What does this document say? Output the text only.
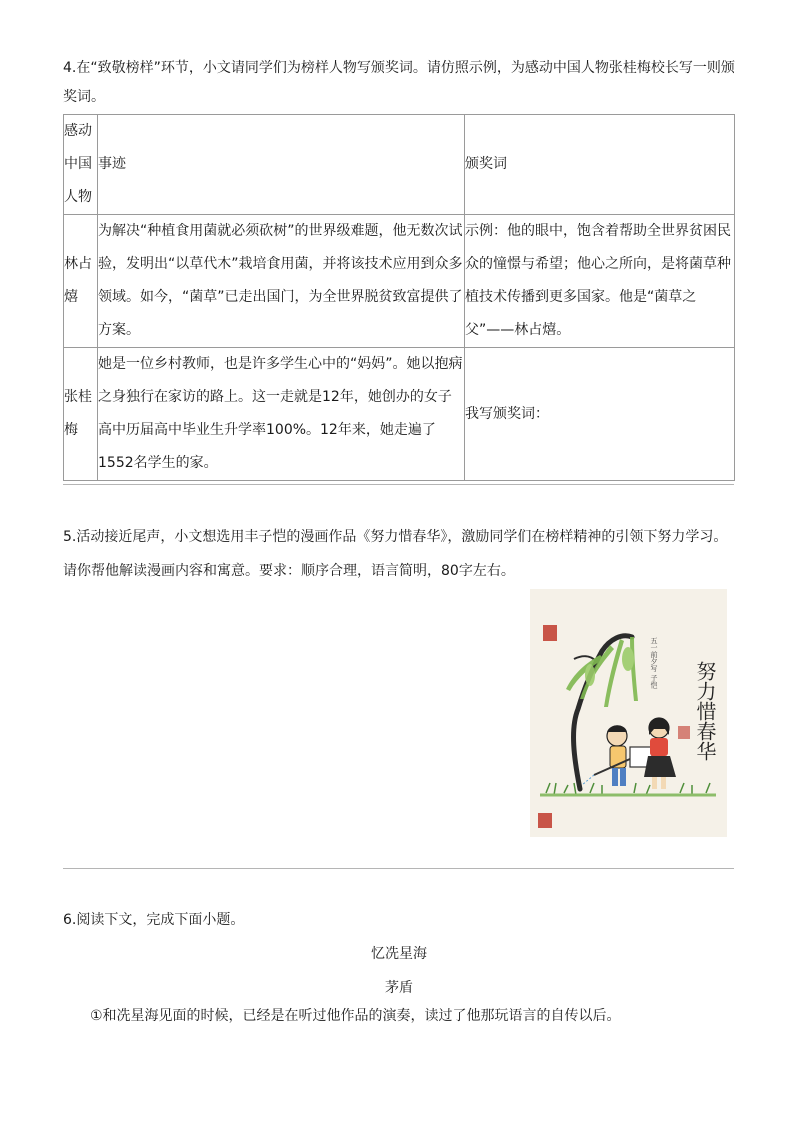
4.在“致敬榜样”环节，小文请同学们为榜样人物写颁奖词。请仿照示例，为感动中国人物张桂梅校长写一则颁奖词。
感动中国人物	事迹	颁奖词

林占熺	为解决“种植食用菌就必须砍树”的世界级难题，他无数次试验，发明出“以草代木”栽培食用菌，并将该技术应用到众多领域。如今，“菌草”已走出国门，为全世界脱贫致富提供了方案。	示例：他的眼中，饱含着帮助全世界贫困民众的憧憬与希望；他心之所向，是将菌草种植技术传播到更多国家。他是“菌草之父”——林占熺。

张桂梅	她是一位乡村教师，也是许多学生心中的“妈妈”。她以抱病之身独行在家访的路上。这一走就是12年，她创办的女子高中历届高中毕业生升学率100%。12年来，她走遍了1552名学生的家。	我写颁奖词：
5.活动接近尾声，小文想选用丰子恺的漫画作品《努力惜春华》，激励同学们在榜样精神的引领下努力学习。请你帮他解读漫画内容和寓意。要求：顺序合理，语言简明，80字左右。
努力惜春华
五一前夕写 子恺
6.阅读下文，完成下面小题。
忆冼星海
茅盾
①和冼星海见面的时候，已经是在听过他作品的演奏，读过了他那玩语言的自传以后。
